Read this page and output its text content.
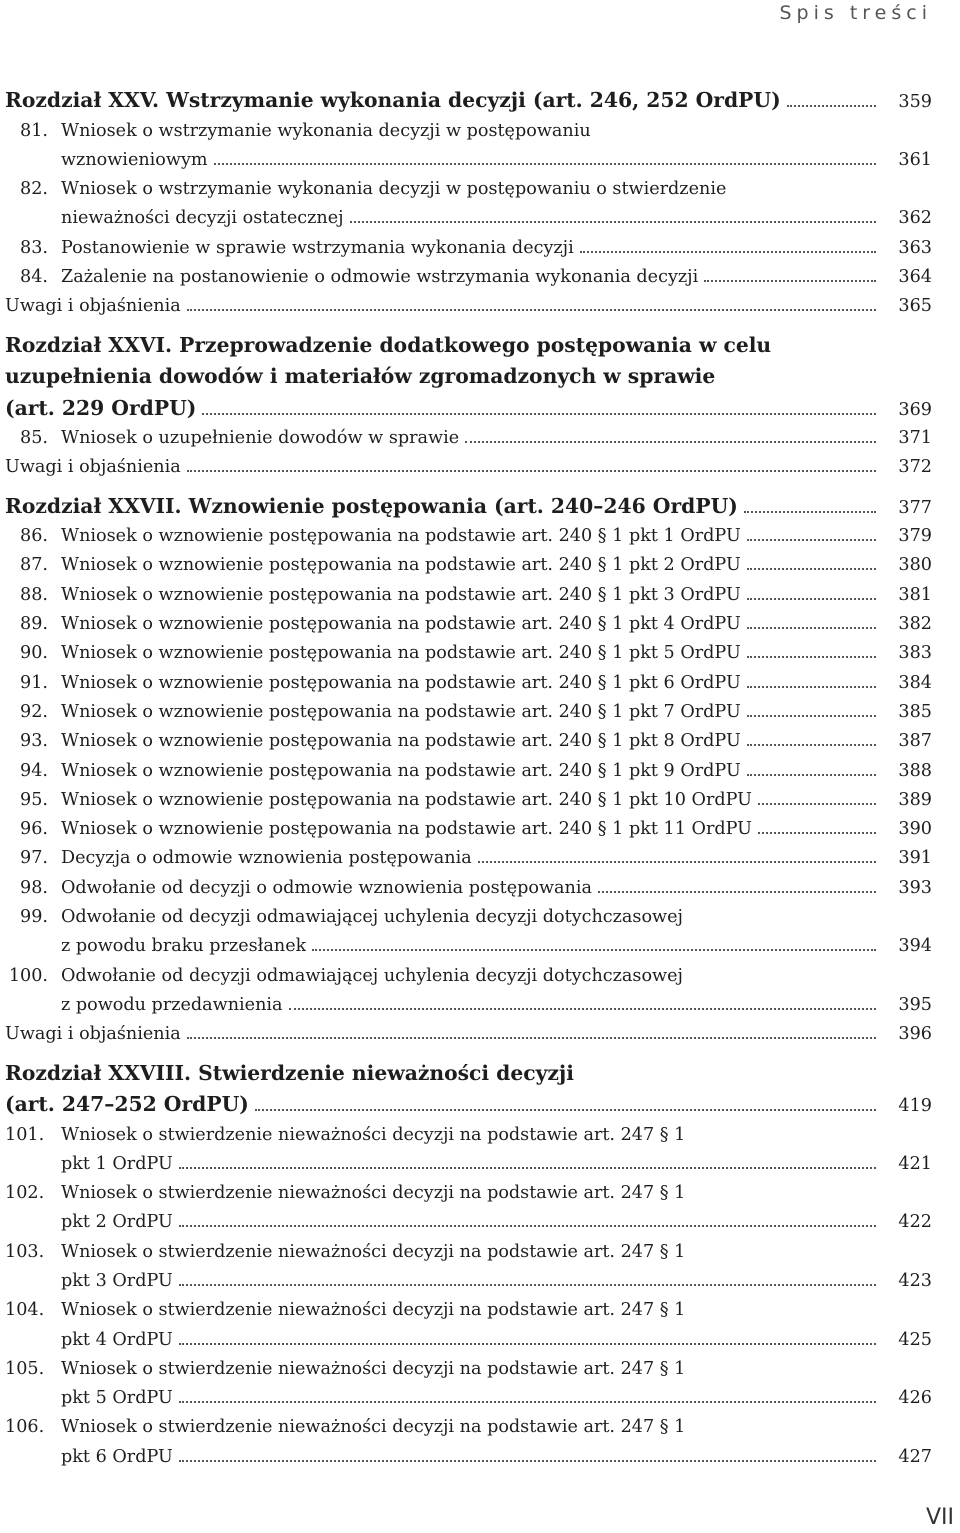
Spis treści
Rozdział XXV. Wstrzymanie wykonania decyzji (art. 246, 252 OrdPU)	359
81. Wniosek o wstrzymanie wykonania decyzji w postępowaniu
wznowieniowym	361
82. Wniosek o wstrzymanie wykonania decyzji w postępowaniu o stwierdzenie
nieważności decyzji ostatecznej	362
83. Postanowienie w sprawie wstrzymania wykonania decyzji	363
84. Zażalenie na postanowienie o odmowie wstrzymania wykonania decyzji	364
Uwagi i objaśnienia	365
Rozdział XXVI. Przeprowadzenie dodatkowego postępowania w celu
uzupełnienia dowodów i materiałów zgromadzonych w sprawie
(art. 229 OrdPU)	369
85. Wniosek o uzupełnienie dowodów w sprawie	371
Uwagi i objaśnienia	372
Rozdział XXVII. Wznowienie postępowania (art. 240–246 OrdPU)	377
86. Wniosek o wznowienie postępowania na podstawie art. 240 § 1 pkt 1 OrdPU	379
87. Wniosek o wznowienie postępowania na podstawie art. 240 § 1 pkt 2 OrdPU	380
88. Wniosek o wznowienie postępowania na podstawie art. 240 § 1 pkt 3 OrdPU	381
89. Wniosek o wznowienie postępowania na podstawie art. 240 § 1 pkt 4 OrdPU	382
90. Wniosek o wznowienie postępowania na podstawie art. 240 § 1 pkt 5 OrdPU	383
91. Wniosek o wznowienie postępowania na podstawie art. 240 § 1 pkt 6 OrdPU	384
92. Wniosek o wznowienie postępowania na podstawie art. 240 § 1 pkt 7 OrdPU	385
93. Wniosek o wznowienie postępowania na podstawie art. 240 § 1 pkt 8 OrdPU	387
94. Wniosek o wznowienie postępowania na podstawie art. 240 § 1 pkt 9 OrdPU	388
95. Wniosek o wznowienie postępowania na podstawie art. 240 § 1 pkt 10 OrdPU	389
96. Wniosek o wznowienie postępowania na podstawie art. 240 § 1 pkt 11 OrdPU	390
97. Decyzja o odmowie wznowienia postępowania	391
98. Odwołanie od decyzji o odmowie wznowienia postępowania	393
99. Odwołanie od decyzji odmawiającej uchylenia decyzji dotychczasowej
z powodu braku przesłanek	394
100. Odwołanie od decyzji odmawiającej uchylenia decyzji dotychczasowej
z powodu przedawnienia	395
Uwagi i objaśnienia	396
Rozdział XXVIII. Stwierdzenie nieważności decyzji
(art. 247–252 OrdPU)	419
101. Wniosek o stwierdzenie nieważności decyzji na podstawie art. 247 § 1
pkt 1 OrdPU	421
102. Wniosek o stwierdzenie nieważności decyzji na podstawie art. 247 § 1
pkt 2 OrdPU	422
103. Wniosek o stwierdzenie nieważności decyzji na podstawie art. 247 § 1
pkt 3 OrdPU	423
104. Wniosek o stwierdzenie nieważności decyzji na podstawie art. 247 § 1
pkt 4 OrdPU	425
105. Wniosek o stwierdzenie nieważności decyzji na podstawie art. 247 § 1
pkt 5 OrdPU	426
106. Wniosek o stwierdzenie nieważności decyzji na podstawie art. 247 § 1
pkt 6 OrdPU	427
VII
